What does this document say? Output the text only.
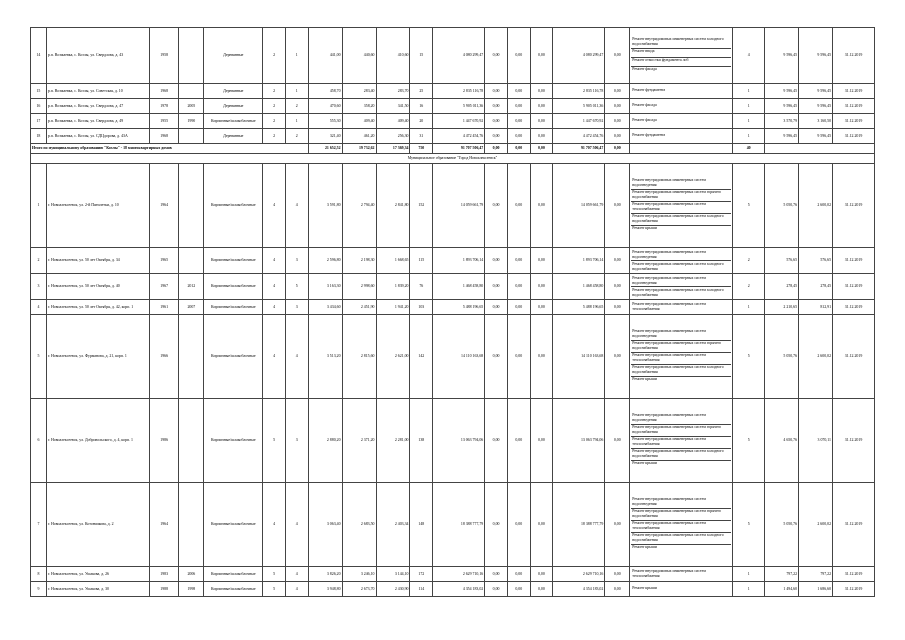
14	р.п. Возжаевка, с. Козлы, ул. Свердлова, д. 43	1958		Деревянные	2	1	441,00	440,60	410,60	15	4 080 299,47	0,00	0,00	0,00	4 080 299,47	0,00	Ремонт внутридомовых инженерных систем холодного водоснабжения
Ремонт ввода
Ремонт отмостки фундамента лоб
Ремонт фасада	4	9 596,45	9 596,45	31.12.2019
15	р.п. Возжаевка, с. Козлы, ул. Советская, д. 10	1968		Деревянные	2	1	458,70	283,40	283,70	25	2 835 116,78	0,00	0,00	0,00	2 835 116,78	0,00	Ремонт фундамента	1	9 596,45	9 596,45	31.12.2019
16	р.п. Возжаевка, с. Козлы, ул. Свердлова, д. 47	1978	2005	Деревянные	2	2	470,60	358,20	341,50	16	5 905 011,36	0,00	0,00	0,00	5 905 011,36	0,00	Ремонт фасада	1	9 596,45	9 596,45	31.12.2019
17	р.п. Возжаевка, с. Козлы, ул. Свердлова, д. 49	1955	1990	Кирпичные/шлакоблочные	2	1	555,30	409,40	409,40	20	1 447 670,92	0,00	0,00	0,00	1 447 670,92	0,00	Ремонт фасада	1	3 570,79	3 160,50	31.12.2019
18	р.п. Возжаевка, с. Козлы, ул. СДЦдорова, д. 43А	1968		Деревянные	2	2	321,40	461,20	256,30	31	4 472 454,76	0,00	0,00	0,00	4 472 454,76	0,00	Ремонт фундамента	1	9 596,45	9 596,45	31.12.2019
Итого по муниципальному образованию "Козлы" - 18 многоквартирных домов							21 652,52	19 732,62	17 369,34	750	91 707 506,47	0,00	0,00	0,00	91 707 506,47	0,00		40			
Муниципальное образование "Город Новоалексеевск"																					
1	г. Новоалексеевск, ул. 2-й Пятилетки, д. 10	1964		Кирпичные/шлакоблочные	4	4	3 591,80	2 794,40	2 841,80	152	14 059 661,79	0,00	0,00	0,00	14 059 661,79	0,00	Ремонт внутридомовых инженерных систем водоотведения
Ремонт внутридомовых инженерных систем горячего водоснабжения
Ремонт внутридомовых инженерных систем теплоснабжения
Ремонт внутридомовых инженерных систем холодного водоснабжения
Ремонт крыши	5	5 050,76	2 600,02	31.12.2019
2	г. Новоалексеевск, ул. 50 лет Октября, д. 34	1965		Кирпичные/шлакоблочные	4	3	2 596,80	2 198,30	1 668,65	115	1 893 706,14	0,00	0,00	0,00	1 893 706,14	0,00	Ремонт внутридомовых инженерных систем водоотведения
Ремонт внутридомовых инженерных систем холодного водоснабжения	2	576,65	576,65	31.12.2019
3	г. Новоалексеевск, ул. 50 лет Октября, д. 40	1967	2012	Кирпичные/шлакоблочные	4	5	3 163,30	2 998,60	1 839,20	76	1 468 458,80	0,00	0,00	0,00	1 468 458,80	0,00	Ремонт внутридомовых инженерных систем водоотведения
Ремонт внутридомовых инженерных систем холодного водоснабжения	2	278,45	278,45	31.12.2019
4	г. Новоалексеевск, ул. 50 лет Октября, д. 42, корп. 1	1961	2007	Кирпичные/шлакоблочные	4	3	3 434,60	2 451,90	1 941,20	103	5 488 196,65	0,00	0,00	0,00	5 488 196,65	0,00	Ремонт внутридомовых инженерных систем теплоснабжения	1	2 210,65	812,91	31.12.2019
5	г. Новоалексеевск, ул. Фурманова, д. 21, корп. 1	1966		Кирпичные/шлакоблочные	4	4	3 513,20	2 815,60	2 621,00	142	14 110 163,68	0,00	0,00	0,00	14 110 163,68	0,00	Ремонт внутридомовых инженерных систем водоотведения
Ремонт внутридомовых инженерных систем горячего водоснабжения
Ремонт внутридомовых инженерных систем теплоснабжения
Ремонт внутридомовых инженерных систем холодного водоснабжения
Ремонт крыши	5	5 050,76	2 600,02	31.12.2019
6	г. Новоалексеевск, ул. Добровольского, д. 4, корп. 1	1986		Кирпичные/шлакоблочные	5	3	2 880,20	2 371,20	2 281,00	138	13 063 794,06	0,00	0,00	0,00	13 063 794,06	0,00	Ремонт внутридомовых инженерных систем водоотведения
Ремонт внутридомовых инженерных систем горячего водоснабжения
Ремонт внутридомовых инженерных систем теплоснабжения
Ремонт внутридомовых инженерных систем холодного водоснабжения
Ремонт крыши	5	4 650,76	3 070,11	31.12.2019
7	г. Новоалексеевск, ул. Котовчикова, д. 2	1964		Кирпичные/шлакоблочные	4	4	3 063,40	2 683,50	2 403,34	148	18 388 777,79	0,00	0,00	0,00	18 388 777,79	0,00	Ремонт внутридомовых инженерных систем водоотведения
Ремонт внутридомовых инженерных систем горячего водоснабжения
Ремонт внутридомовых инженерных систем теплоснабжения
Ремонт внутридомовых инженерных систем холодного водоснабжения
Ремонт крыши	5	5 050,76	2 600,02	31.12.2019
8	г. Новоалексеевск, ул. Ушакова, д. 26	1983	2006	Кирпичные/шлакоблочные	5	4	3 826,20	3 246,10	3 144,10	172	2 629 710,16	0,00	0,00	0,00	2 629 710,16	0,00	Ремонт внутридомовых инженерных систем теплоснабжения	1	797,22	797,22	31.12.2019
9	г. Новоалексеевск, ул. Ушакова, д. 30	1988	1998	Кирпичные/шлакоблочные	5	4	3 948,80	2 673,70	2 430,90	114	4 354 183,02	0,00	0,00	0,00	4 354 183,02	0,00	Ремонт крыши	1	1 494,60	1 686,60	31.12.2019
